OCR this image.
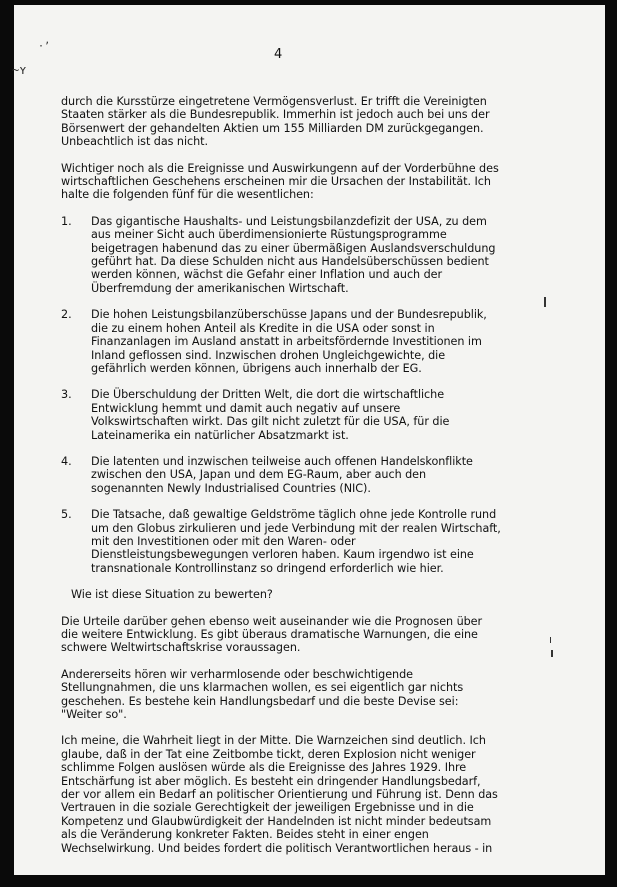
·ʼ
~ʏ
4

durch die Kursstürze eingetretene Vermögensverlust. Er trifft die Vereinigten Staaten stärker als die Bundesrepublik. Immerhin ist jedoch auch bei uns der Börsenwert der gehandelten Aktien um 155 Milliarden DM zurückgegangen. Unbeachtlich ist das nicht.

Wichtiger noch als die Ereignisse und Auswirkungenn auf der Vorderbühne des wirtschaftlichen Geschehens erscheinen mir die Ursachen der Instabilität. Ich halte die folgenden fünf für die wesentlichen:

1.	Das gigantische Haushalts- und Leistungsbilanzdefizit der USA, zu dem aus meiner Sicht auch überdimensionierte Rüstungsprogramme beigetragen habenund das zu einer übermäßigen Auslandsverschuldung geführt hat. Da diese Schulden nicht aus Handelsüberschüssen bedient werden können, wächst die Gefahr einer Inflation und auch der Überfremdung der amerikanischen Wirtschaft.
2.	Die hohen Leistungsbilanzüberschüsse Japans und der Bundesrepublik, die zu einem hohen Anteil als Kredite in die USA oder sonst in Finanzanlagen im Ausland anstatt in arbeitsfördernde Investitionen im Inland geflossen sind. Inzwischen drohen Ungleichgewichte, die gefährlich werden können, übrigens auch innerhalb der EG.
3.	Die Überschuldung der Dritten Welt, die dort die wirtschaftliche Entwicklung hemmt und damit auch negativ auf unsere Volkswirtschaften wirkt. Das gilt nicht zuletzt für die USA, für die Lateinamerika ein natürlicher Absatzmarkt ist.
4.	Die latenten und inzwischen teilweise auch offenen Handelskonflikte zwischen den USA, Japan und dem EG-Raum, aber auch den sogenannten Newly Industrialised Countries (NIC).
5.	Die Tatsache, daß gewaltige Geldströme täglich ohne jede Kontrolle rund um den Globus zirkulieren und jede Verbindung mit der realen Wirtschaft, mit den Investitionen oder mit den Waren- oder Dienstleistungsbewegungen verloren haben. Kaum irgendwo ist eine transnationale Kontrollinstanz so dringend erforderlich wie hier.

Wie ist diese Situation zu bewerten?

Die Urteile darüber gehen ebenso weit auseinander wie die Prognosen über die weitere Entwicklung. Es gibt überaus dramatische Warnungen, die eine schwere Weltwirtschaftskrise voraussagen.

Andererseits hören wir verharmlosende oder beschwichtigende Stellungnahmen, die uns klarmachen wollen, es sei eigentlich gar nichts geschehen. Es bestehe kein Handlungsbedarf und die beste Devise sei: "Weiter so".

Ich meine, die Wahrheit liegt in der Mitte. Die Warnzeichen sind deutlich. Ich glaube, daß in der Tat eine Zeitbombe tickt, deren Explosion nicht weniger schlimme Folgen auslösen würde als die Ereignisse des Jahres 1929. Ihre Entschärfung ist aber möglich. Es besteht ein dringender Handlungsbedarf, der vor allem ein Bedarf an politischer Orientierung und Führung ist. Denn das Vertrauen in die soziale Gerechtigkeit der jeweiligen Ergebnisse und in die Kompetenz und Glaubwürdigkeit der Handelnden ist nicht minder bedeutsam als die Veränderung konkreter Fakten. Beides steht in einer engen Wechselwirkung. Und beides fordert die politisch Verantwortlichen heraus - in
